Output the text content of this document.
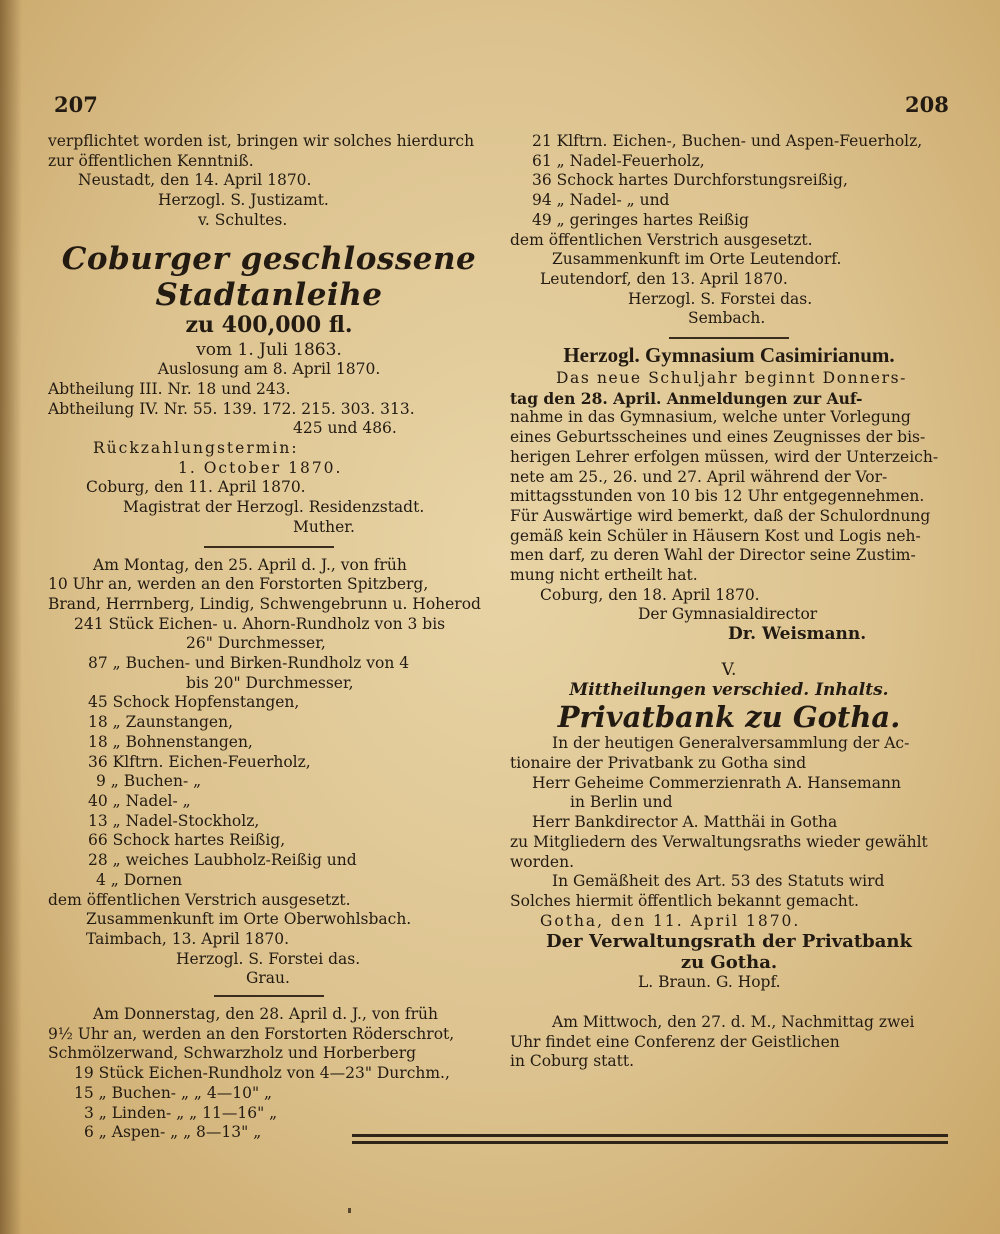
207	208
verpflichtet worden ist, bringen wir solches hierdurch
zur öffentlichen Kenntniß.
Neustadt, den 14. April 1870.
Herzogl. S. Justizamt.
v. Schultes.
Coburger geschlossene Stadtanleihe
zu 400,000 fl.
vom 1. Juli 1863.
Auslosung am 8. April 1870.
Abtheilung III. Nr. 18 und 243.
Abtheilung IV. Nr. 55. 139. 172. 215. 303. 313.
425 und 486.
Rückzahlungstermin:
1. October 1870.
Coburg, den 11. April 1870.
Magistrat der Herzogl. Residenzstadt.
Muther.
Am Montag, den 25. April d. J., von früh
10 Uhr an, werden an den Forstorten Spitzberg,
Brand, Herrnberg, Lindig, Schwengebrunn u. Hoherod
241 Stück Eichen- u. Ahorn-Rundholz von 3 bis
26" Durchmesser,
87 „ Buchen- und Birken-Rundholz von 4
bis 20" Durchmesser,
45 Schock Hopfenstangen,
18 „ Zaunstangen,
18 „ Bohnenstangen,
36 Klftrn. Eichen-Feuerholz,
9 „ Buchen- „
40 „ Nadel- „
13 „ Nadel-Stockholz,
66 Schock hartes Reißig,
28 „ weiches Laubholz-Reißig und
4 „ Dornen
dem öffentlichen Verstrich ausgesetzt.
Zusammenkunft im Orte Oberwohlsbach.
Taimbach, 13. April 1870.
Herzogl. S. Forstei das.
Grau.
Am Donnerstag, den 28. April d. J., von früh
9½ Uhr an, werden an den Forstorten Röderschrot,
Schmölzerwand, Schwarzholz und Horberberg
19 Stück Eichen-Rundholz von 4—23" Durchm.,
15 „ Buchen- „ „ 4—10" „
3 „ Linden- „ „ 11—16" „
6 „ Aspen- „ „ 8—13" „
21 Klftrn. Eichen-, Buchen- und Aspen-Feuerholz,
61 „ Nadel-Feuerholz,
36 Schock hartes Durchforstungsreißig,
94 „ Nadel- „ und
49 „ geringes hartes Reißig
dem öffentlichen Verstrich ausgesetzt.
Zusammenkunft im Orte Leutendorf.
Leutendorf, den 13. April 1870.
Herzogl. S. Forstei das.
Sembach.
Herzogl. Gymnasium Casimirianum.
Das neue Schuljahr beginnt Donners-
tag den 28. April. Anmeldungen zur Auf-
nahme in das Gymnasium, welche unter Vorlegung
eines Geburtsscheines und eines Zeugnisses der bis-
herigen Lehrer erfolgen müssen, wird der Unterzeich-
nete am 25., 26. und 27. April während der Vor-
mittagsstunden von 10 bis 12 Uhr entgegennehmen.
Für Auswärtige wird bemerkt, daß der Schulordnung
gemäß kein Schüler in Häusern Kost und Logis neh-
men darf, zu deren Wahl der Director seine Zustim-
mung nicht ertheilt hat.
Coburg, den 18. April 1870.
Der Gymnasialdirector
Dr. Weismann.
V.
Mittheilungen verschied. Inhalts.
Privatbank zu Gotha.
In der heutigen Generalversammlung der Ac-
tionaire der Privatbank zu Gotha sind
Herr Geheime Commerzienrath A. Hansemann
in Berlin und
Herr Bankdirector A. Matthäi in Gotha
zu Mitgliedern des Verwaltungsraths wieder gewählt
worden.
In Gemäßheit des Art. 53 des Statuts wird
Solches hiermit öffentlich bekannt gemacht.
Gotha, den 11. April 1870.
Der Verwaltungsrath der Privatbank
zu Gotha.
L. Braun. G. Hopf.
Am Mittwoch, den 27. d. M., Nachmittag zwei
Uhr findet eine Conferenz der Geistlichen
in Coburg statt.
